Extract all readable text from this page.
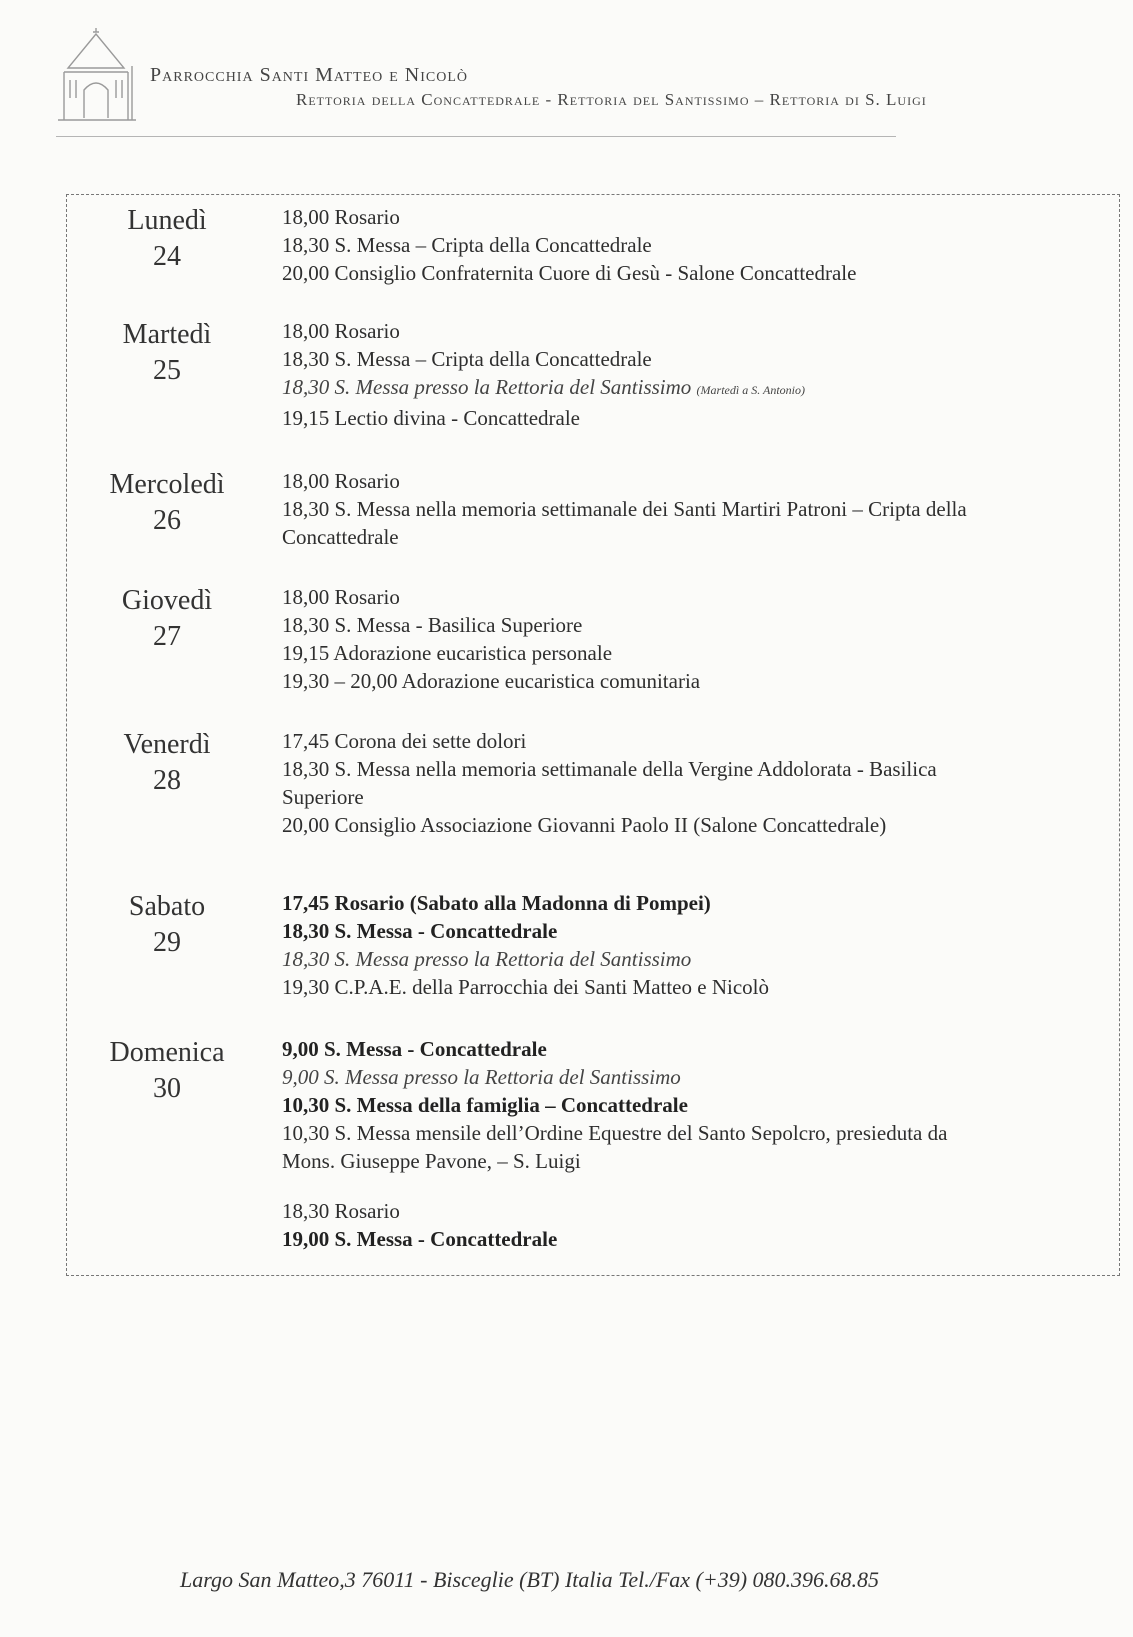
Parrocchia Santi Matteo e Nicolò
Rettoria della Concattedrale - Rettoria del Santissimo – Rettoria di S. Luigi
Lunedì
24
18,00 Rosario
18,30 S. Messa – Cripta della Concattedrale
20,00 Consiglio Confraternita Cuore di Gesù - Salone Concattedrale
Martedì
25
18,00 Rosario
18,30 S. Messa – Cripta della Concattedrale
18,30 S. Messa presso la Rettoria del Santissimo (Martedì a S. Antonio)
19,15 Lectio divina - Concattedrale
Mercoledì
26
18,00 Rosario
18,30 S. Messa nella memoria settimanale dei Santi Martiri Patroni – Cripta della
Concattedrale
Giovedì
27
18,00 Rosario
18,30 S. Messa - Basilica Superiore
19,15 Adorazione eucaristica personale
19,30 – 20,00 Adorazione eucaristica comunitaria
Venerdì
28
17,45 Corona dei sette dolori
18,30 S. Messa nella memoria settimanale della Vergine Addolorata - Basilica
Superiore
20,00 Consiglio Associazione Giovanni Paolo II (Salone Concattedrale)
Sabato
29
17,45 Rosario (Sabato alla Madonna di Pompei)
18,30 S. Messa - Concattedrale
18,30 S. Messa presso la Rettoria del Santissimo
19,30 C.P.A.E. della Parrocchia dei Santi Matteo e Nicolò
Domenica
30
9,00 S. Messa - Concattedrale
9,00 S. Messa presso la Rettoria del Santissimo
10,30 S. Messa della famiglia – Concattedrale
10,30 S. Messa mensile dell’Ordine Equestre del Santo Sepolcro, presieduta da
Mons. Giuseppe Pavone, – S. Luigi
18,30 Rosario
19,00 S. Messa - Concattedrale
Largo San Matteo,3 76011 - Bisceglie (BT) Italia Tel./Fax (+39) 080.396.68.85
